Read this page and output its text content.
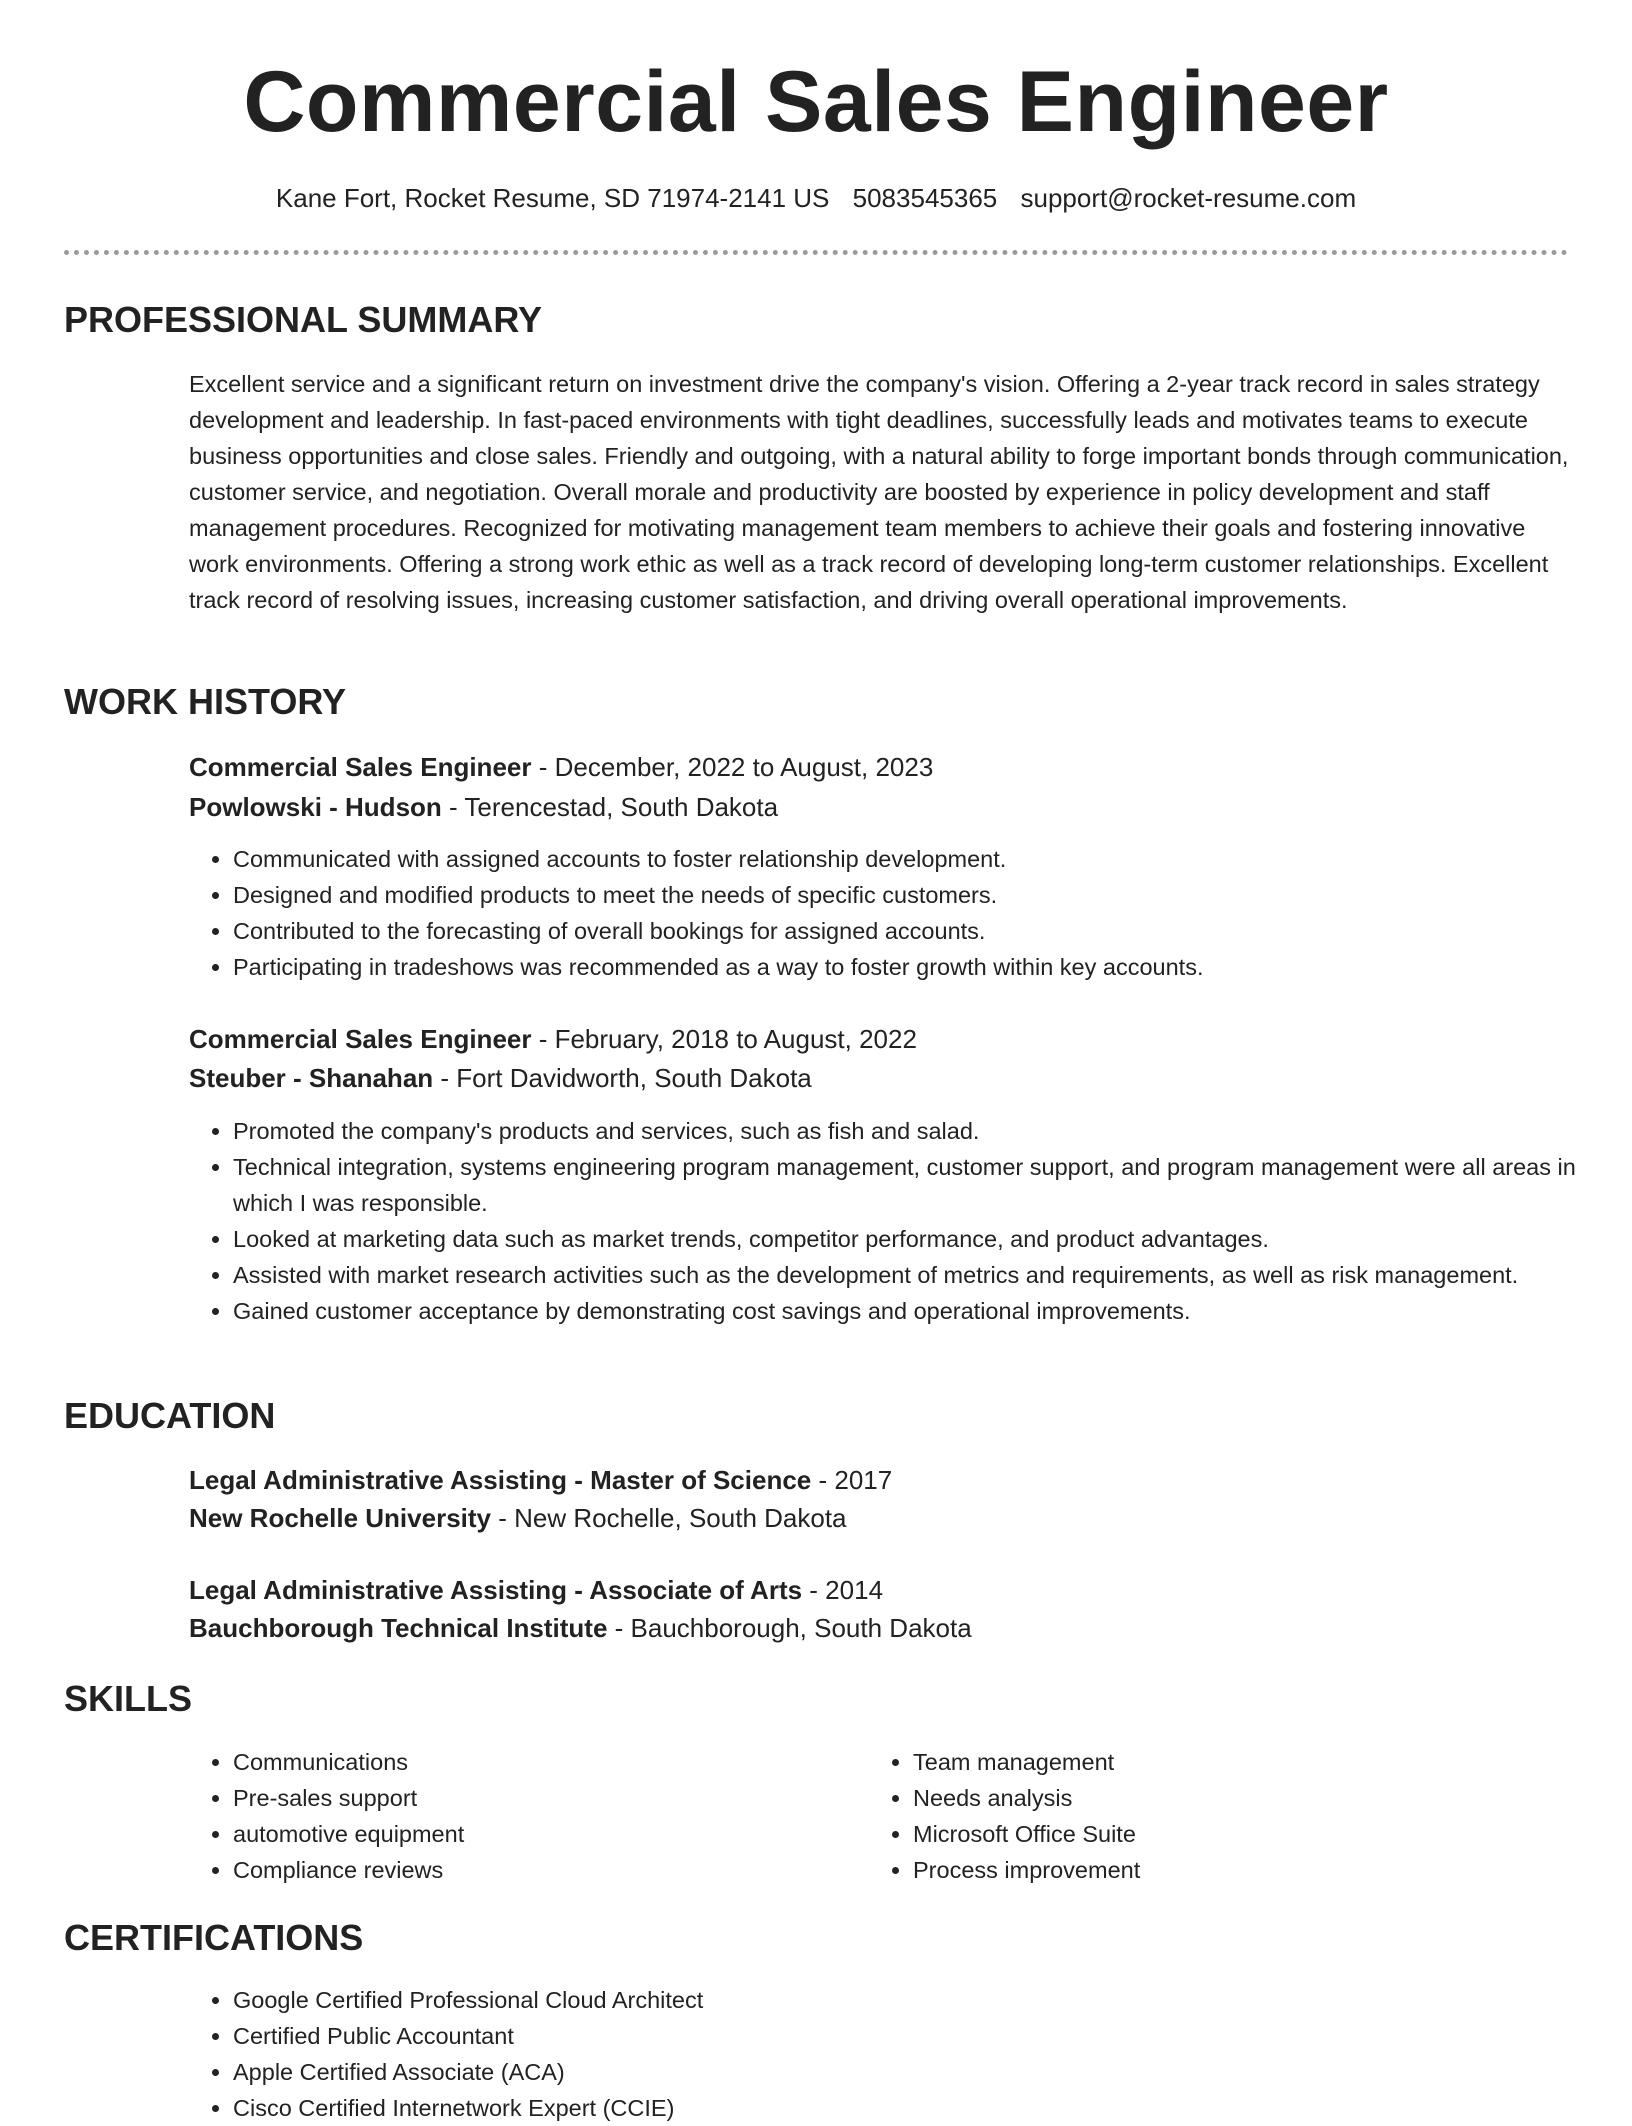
Commercial Sales Engineer
Kane Fort, Rocket Resume, SD 71974-2141 US 5083545365 support@rocket-resume.com
PROFESSIONAL SUMMARY

Excellent service and a significant return on investment drive the company's vision. Offering a 2-year track record in sales strategy development and leadership. In fast-paced environments with tight deadlines, successfully leads and motivates teams to execute business opportunities and close sales. Friendly and outgoing, with a natural ability to forge important bonds through communication, customer service, and negotiation. Overall morale and productivity are boosted by experience in policy development and staff management procedures. Recognized for motivating management team members to achieve their goals and fostering innovative work environments. Offering a strong work ethic as well as a track record of developing long-term customer relationships. Excellent track record of resolving issues, increasing customer satisfaction, and driving overall operational improvements.

WORK HISTORY
Commercial Sales Engineer - December, 2022 to August, 2023
Powlowski - Hudson - Terencestad, South Dakota
• Communicated with assigned accounts to foster relationship development.
• Designed and modified products to meet the needs of specific customers.
• Contributed to the forecasting of overall bookings for assigned accounts.
• Participating in tradeshows was recommended as a way to foster growth within key accounts.
Commercial Sales Engineer - February, 2018 to August, 2022
Steuber - Shanahan - Fort Davidworth, South Dakota
• Promoted the company's products and services, such as fish and salad.
• Technical integration, systems engineering program management, customer support, and program management were all areas in which I was responsible.
• Looked at marketing data such as market trends, competitor performance, and product advantages.
• Assisted with market research activities such as the development of metrics and requirements, as well as risk management.
• Gained customer acceptance by demonstrating cost savings and operational improvements.
EDUCATION
Legal Administrative Assisting - Master of Science - 2017
New Rochelle University - New Rochelle, South Dakota
Legal Administrative Assisting - Associate of Arts - 2014
Bauchborough Technical Institute - Bauchborough, South Dakota
SKILLS
• Communications
• Pre-sales support
• automotive equipment
• Compliance reviews
• Team management
• Needs analysis
• Microsoft Office Suite
• Process improvement
CERTIFICATIONS
• Google Certified Professional Cloud Architect
• Certified Public Accountant
• Apple Certified Associate (ACA)
• Cisco Certified Internetwork Expert (CCIE)
